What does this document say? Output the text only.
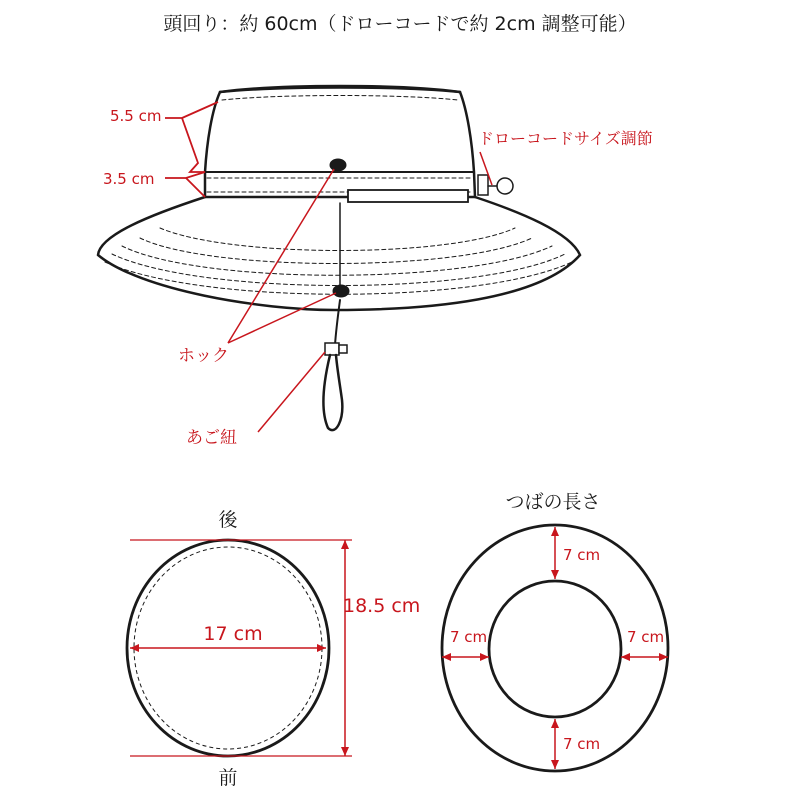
頭回り：約 60cm（ドローコードで約 2cm 調整可能）
5.5 cm
3.5 cm
ドローコードサイズ調節
ホック
あご紐
後
17 cm
18.5 cm
前
つばの長さ
7 cm
7 cm
7 cm	7 cm
